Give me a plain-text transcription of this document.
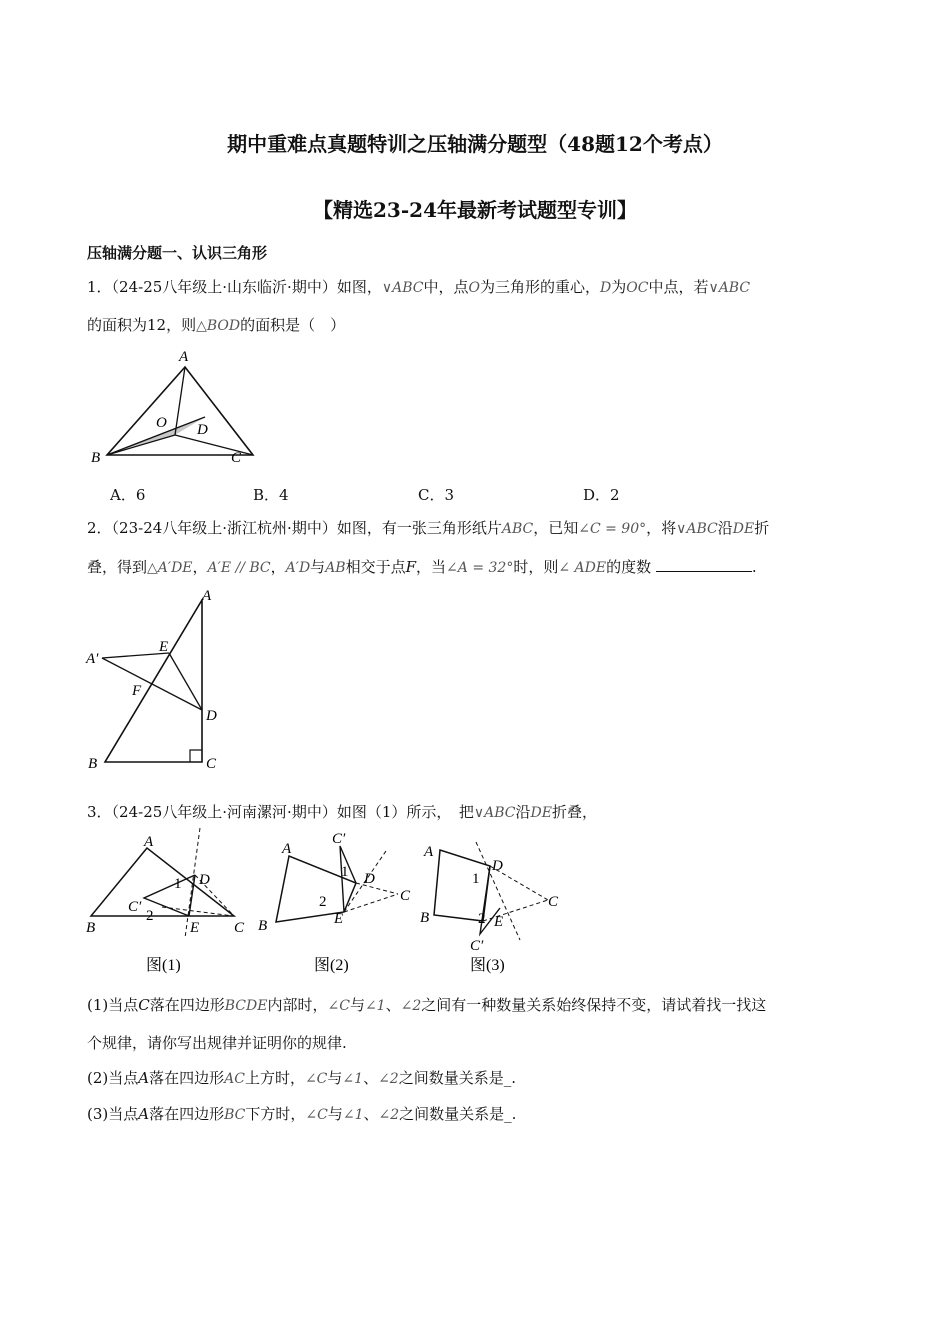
期中重难点真题特训之压轴满分题型（48题12个考点）
【精选23-24年最新考试题型专训】
压轴满分题一、认识三角形
1．（24-25八年级上·山东临沂·期中）如图，∨ABC中，点O为三角形的重心，D为OC中点，若∨ABC
的面积为12，则△BOD的面积是（　）
A
B	C
O D
A．6	B．4	C．3	D．2
2．（23-24八年级上·浙江杭州·期中）如图，有一张三角形纸片ABC，已知∠C = 90°，将∨ABC沿DE折
叠，得到△A′DE，A′E // BC，A′D与AB相交于点F，当∠A = 32°时，则∠ ADE的度数	.
A
A′
E
F
D
B	C
3．（24-25八年级上·河南漯河·期中）如图（1）所示，　把∨ABC沿DE折叠，
A
B	C
C′
D
E
1
2
图(1)
A
B
C
C′
D
E
1
2
图(2)
A
B
C
C′
D
E
1
2
图(3)
(1)当点C落在四边形BCDE内部时，∠C与∠1、∠2之间有一种数量关系始终保持不变，请试着找一找这
个规律，请你写出规律并证明你的规律.
(2)当点A落在四边形AC上方时，∠C与∠1、∠2之间数量关系是_.
(3)当点A落在四边形BC下方时，∠C与∠1、∠2之间数量关系是_.
